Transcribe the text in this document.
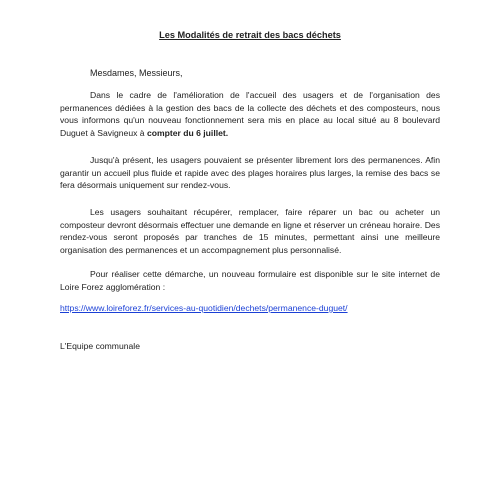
Les Modalités de retrait des bacs déchets

Mesdames, Messieurs,

Dans le cadre de l'amélioration de l'accueil des usagers et de l'organisation des permanences dédiées à la gestion des bacs de la collecte des déchets et des composteurs, nous vous informons qu'un nouveau fonctionnement sera mis en place au local situé au 8 boulevard Duguet à Savigneux à compter du 6 juillet.

Jusqu'à présent, les usagers pouvaient se présenter librement lors des permanences. Afin garantir un accueil plus fluide et rapide avec des plages horaires plus larges, la remise des bacs se fera désormais uniquement sur rendez-vous.

Les usagers souhaitant récupérer, remplacer, faire réparer un bac ou acheter un composteur devront désormais effectuer une demande en ligne et réserver un créneau horaire. Des rendez-vous seront proposés par tranches de 15 minutes, permettant ainsi une meilleure organisation des permanences et un accompagnement plus personnalisé.

Pour réaliser cette démarche, un nouveau formulaire est disponible sur le site internet de Loire Forez agglomération :

https://www.loireforez.fr/services-au-quotidien/dechets/permanence-duguet/

L'Equipe communale
